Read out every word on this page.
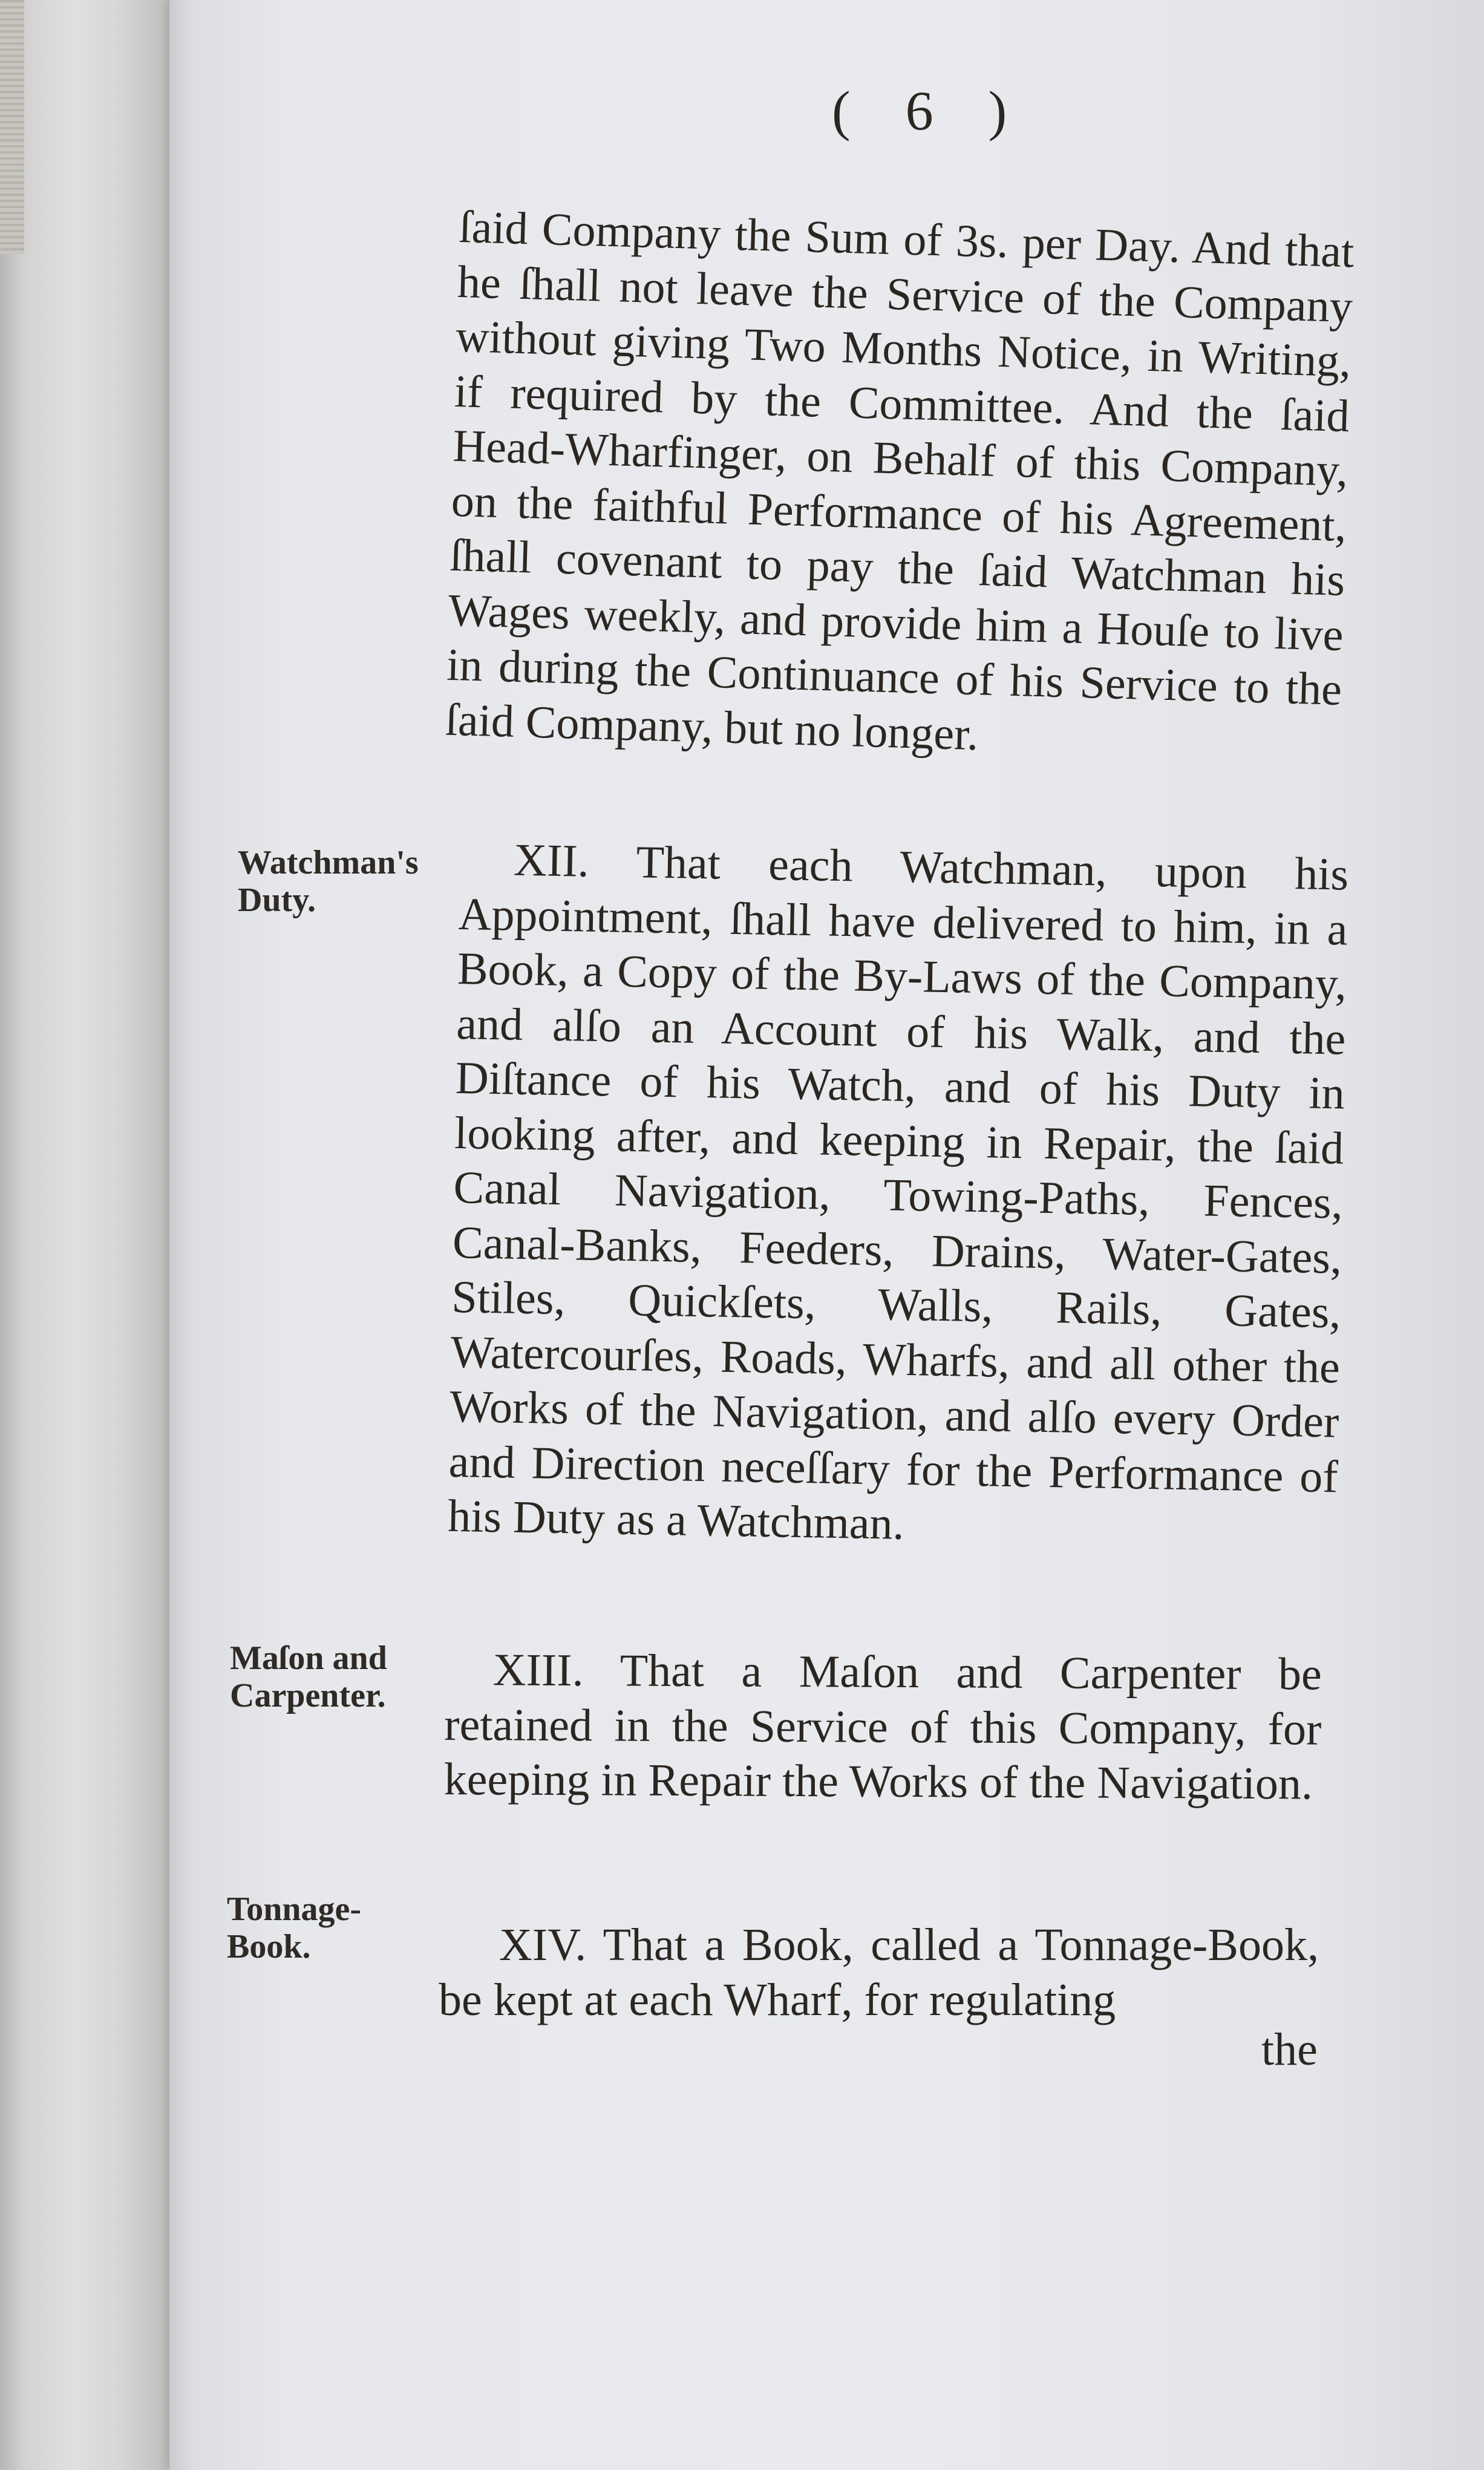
( 6 )
ſaid Company the Sum of 3s. per Day. And that he ſhall not leave the Service of the Company without giving Two Months Notice, in Writing, if required by the Committee. And the ſaid Head-Wharfinger, on Behalf of this Company, on the faithful Performance of his Agreement, ſhall covenant to pay the ſaid Watchman his Wages weekly, and provide him a Houſe to live in during the Continuance of his Service to the ſaid Company, but no longer.
Watchman's Duty.
XII. That each Watchman, upon his Appointment, ſhall have delivered to him, in a Book, a Copy of the By-Laws of the Company, and alſo an Account of his Walk, and the Diſtance of his Watch, and of his Duty in looking after, and keeping in Repair, the ſaid Canal Navigation, Towing-Paths, Fences, Canal-Banks, Feeders, Drains, Water-Gates, Stiles, Quickſets, Walls, Rails, Gates, Watercourſes, Roads, Wharfs, and all other the Works of the Navigation, and alſo every Order and Direction neceſſary for the Performance of his Duty as a Watchman.
Maſon and Carpenter.	XIII. That a Maſon and Carpenter be retained in the Service of this Company, for keeping in Repair the Works of the Navigation.
Tonnage-Book.	XIV. That a Book, called a Tonnage-Book, be kept at each Wharf, for regulating
the
